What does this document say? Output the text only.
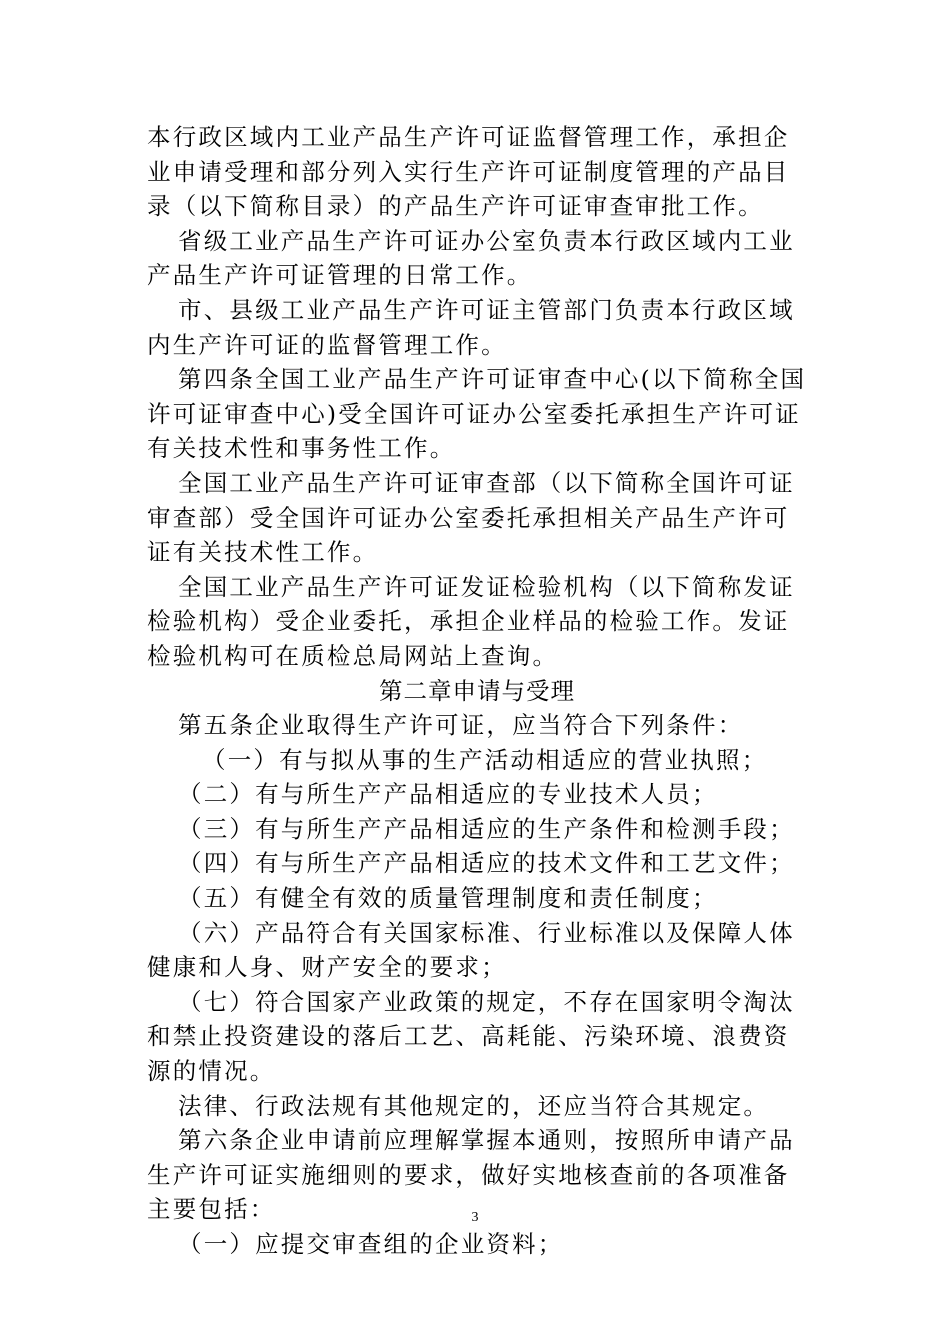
本行政区域内工业产品生产许可证监督管理工作，承担企
业申请受理和部分列入实行生产许可证制度管理的产品目
录（以下简称目录）的产品生产许可证审查审批工作。
省级工业产品生产许可证办公室负责本行政区域内工业
产品生产许可证管理的日常工作。
市、县级工业产品生产许可证主管部门负责本行政区域
内生产许可证的监督管理工作。
第四条全国工业产品生产许可证审查中心(以下简称全国
许可证审查中心)受全国许可证办公室委托承担生产许可证
有关技术性和事务性工作。
全国工业产品生产许可证审查部（以下简称全国许可证
审查部）受全国许可证办公室委托承担相关产品生产许可
证有关技术性工作。
全国工业产品生产许可证发证检验机构（以下简称发证
检验机构）受企业委托，承担企业样品的检验工作。发证
检验机构可在质检总局网站上查询。
第二章申请与受理
第五条企业取得生产许可证，应当符合下列条件：
（一）有与拟从事的生产活动相适应的营业执照；
（二）有与所生产产品相适应的专业技术人员；
（三）有与所生产产品相适应的生产条件和检测手段；
（四）有与所生产产品相适应的技术文件和工艺文件；
（五）有健全有效的质量管理制度和责任制度；
（六）产品符合有关国家标准、行业标准以及保障人体
健康和人身、财产安全的要求；
（七）符合国家产业政策的规定，不存在国家明令淘汰
和禁止投资建设的落后工艺、高耗能、污染环境、浪费资
源的情况。
法律、行政法规有其他规定的，还应当符合其规定。
第六条企业申请前应理解掌握本通则，按照所申请产品
生产许可证实施细则的要求，做好实地核查前的各项准备
主要包括：
（一）应提交审查组的企业资料；
3
